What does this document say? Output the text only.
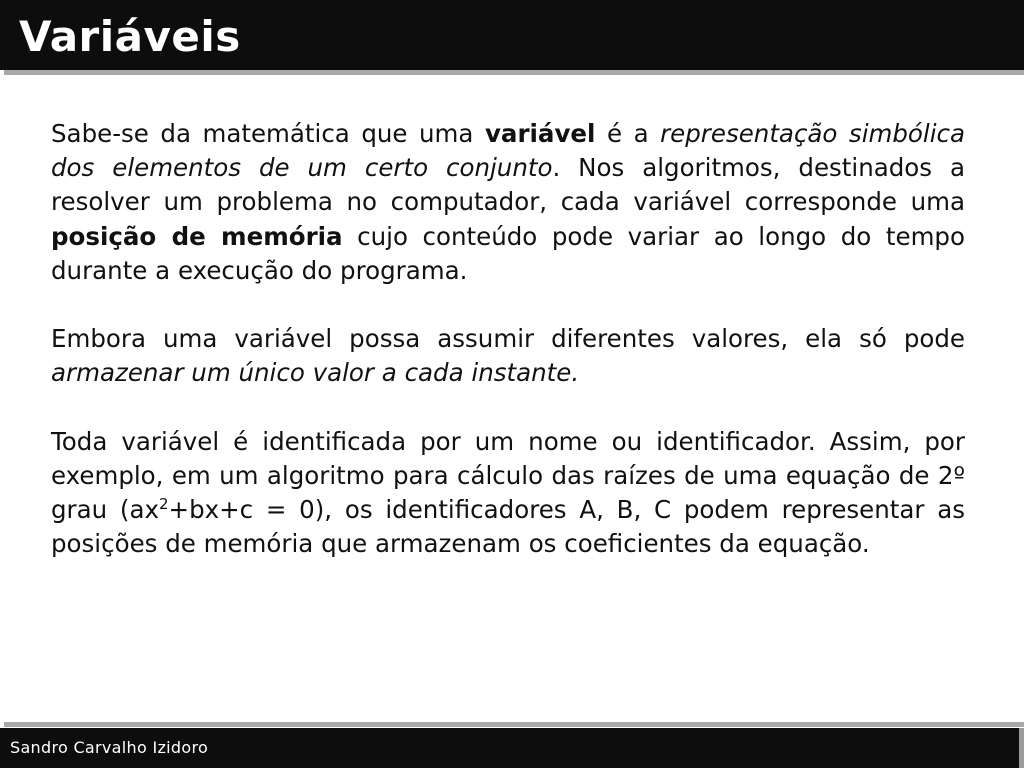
Variáveis

Sabe-se da matemática que uma variável é a representação simbólica dos elementos de um certo conjunto. Nos algoritmos, destinados a resolver um problema no computador, cada variável corresponde uma posição de memória cujo conteúdo pode variar ao longo do tempo durante a execução do programa.

Embora uma variável possa assumir diferentes valores, ela só pode armazenar um único valor a cada instante.

Toda variável é identificada por um nome ou identificador. Assim, por exemplo, em um algoritmo para cálculo das raízes de uma equação de 2º grau $(ax^2+bx+c = 0)$, os identificadores A, B, C podem representar as posições de memória que armazenam os coeficientes da equação.

Sandro Carvalho Izidoro
